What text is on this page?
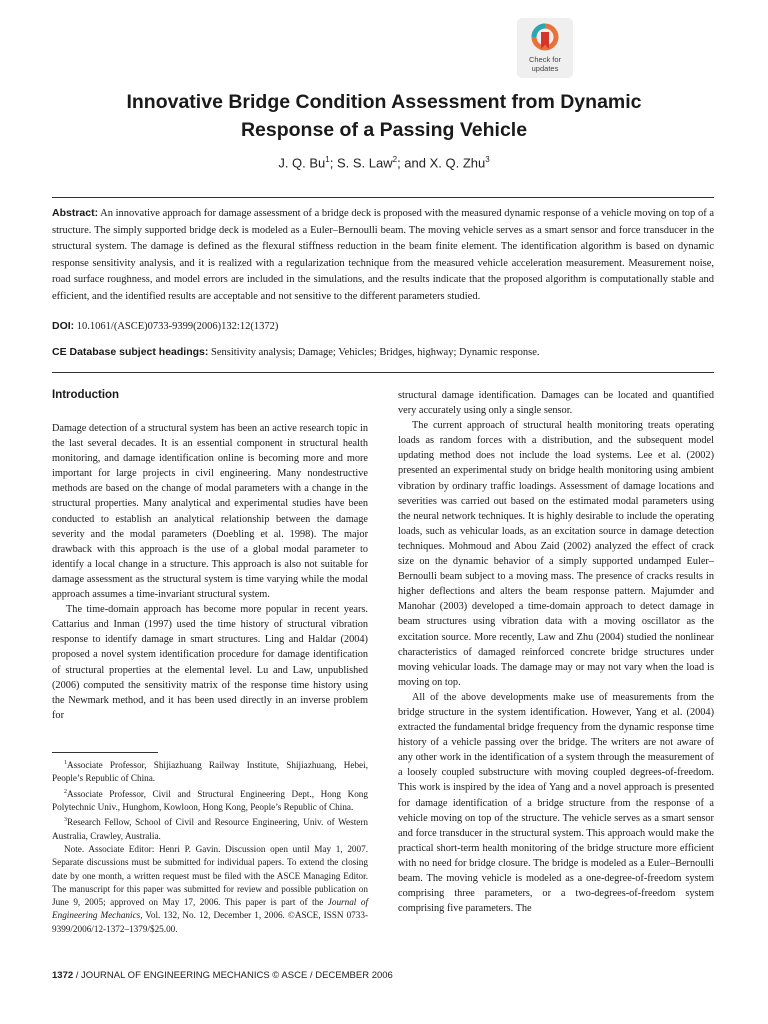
Check for
updates
Innovative Bridge Condition Assessment from Dynamic
Response of a Passing Vehicle
J. Q. Bu$^1$; S. S. Law$^2$; and X. Q. Zhu$^3$

Abstract: An innovative approach for damage assessment of a bridge deck is proposed with the measured dynamic response of a vehicle moving on top of a structure. The simply supported bridge deck is modeled as a Euler–Bernoulli beam. The moving vehicle serves as a smart sensor and force transducer in the structural system. The damage is defined as the flexural stiffness reduction in the beam finite element. The identification algorithm is based on dynamic response sensitivity analysis, and it is realized with a regularization technique from the measured vehicle acceleration measurement. Measurement noise, road surface roughness, and model errors are included in the simulations, and the results indicate that the proposed algorithm is computationally stable and efficient, and the identified results are acceptable and not sensitive to the different parameters studied.

DOI: 10.1061/(ASCE)0733-9399(2006)132:12(1372)

CE Database subject headings: Sensitivity analysis; Damage; Vehicles; Bridges, highway; Dynamic response.

Introduction

Damage detection of a structural system has been an active research topic in the last several decades. It is an essential component in structural health monitoring, and damage identification online is becoming more and more important for large projects in civil engineering. Many nondestructive methods are based on the change of modal parameters with a change in the structural properties. Many analytical and experimental studies have been conducted to establish an analytical relationship between the damage severity and the modal parameters (Doebling et al. 1998). The major drawback with this approach is the use of a global modal parameter to identify a local change in a structure. This approach is also not suitable for damage assessment as the structural system is time varying while the modal approach assumes a time-invariant structural system.

The time-domain approach has become more popular in recent years. Cattarius and Inman (1997) used the time history of structural vibration response to identify damage in smart structures. Ling and Haldar (2004) proposed a novel system identification procedure for damage identification of structural properties at the elemental level. Lu and Law, unpublished (2006) computed the sensitivity matrix of the response time history using the Newmark method, and it has been used directly in an inverse problem for

$^1$Associate Professor, Shijiazhuang Railway Institute, Shijiazhuang, Hebei, People’s Republic of China.

$^2$Associate Professor, Civil and Structural Engineering Dept., Hong Kong Polytechnic Univ., Hunghom, Kowloon, Hong Kong, People’s Republic of China.

$^3$Research Fellow, School of Civil and Resource Engineering, Univ. of Western Australia, Crawley, Australia.

Note. Associate Editor: Henri P. Gavin. Discussion open until May 1, 2007. Separate discussions must be submitted for individual papers. To extend the closing date by one month, a written request must be filed with the ASCE Managing Editor. The manuscript for this paper was submitted for review and possible publication on June 9, 2005; approved on May 17, 2006. This paper is part of the Journal of Engineering Mechanics, Vol. 132, No. 12, December 1, 2006. ©ASCE, ISSN 0733-9399/2006/12-1372–1379/$25.00.

structural damage identification. Damages can be located and quantified very accurately using only a single sensor.

The current approach of structural health monitoring treats operating loads as random forces with a distribution, and the subsequent model updating method does not include the load systems. Lee et al. (2002) presented an experimental study on bridge health monitoring using ambient vibration by ordinary traffic loadings. Assessment of damage locations and severities was carried out based on the estimated modal parameters using the neural network techniques. It is highly desirable to include the operating loads, such as vehicular loads, as an excitation source in damage detection techniques. Mohmoud and Abou Zaid (2002) analyzed the effect of crack size on the dynamic behavior of a simply supported undamped Euler–Bernoulli beam subject to a moving mass. The presence of cracks results in higher deflections and alters the beam response pattern. Majumder and Manohar (2003) developed a time-domain approach to detect damage in beam structures using vibration data with a moving oscillator as the excitation source. More recently, Law and Zhu (2004) studied the nonlinear characteristics of damaged reinforced concrete bridge structures under moving vehicular loads. The damage may or may not vary when the load is moving on top.

All of the above developments make use of measurements from the bridge structure in the system identification. However, Yang et al. (2004) extracted the fundamental bridge frequency from the dynamic response time history of a vehicle passing over the bridge. The writers are not aware of any other work in the identification of a system through the measurement of a loosely coupled substructure with moving coupled degrees-of-freedom. This work is inspired by the idea of Yang and a novel approach is presented for damage identification of a bridge structure from the response of a vehicle moving on top of the structure. The vehicle serves as a smart sensor and force transducer in the structural system. This approach would make the practical short-term health monitoring of the bridge structure more efficient with no need for bridge closure. The bridge is modeled as a Euler–Bernoulli beam. The moving vehicle is modeled as a one-degree-of-freedom system comprising three parameters, or a two-degrees-of-freedom system comprising five parameters. The

1372 / JOURNAL OF ENGINEERING MECHANICS © ASCE / DECEMBER 2006
